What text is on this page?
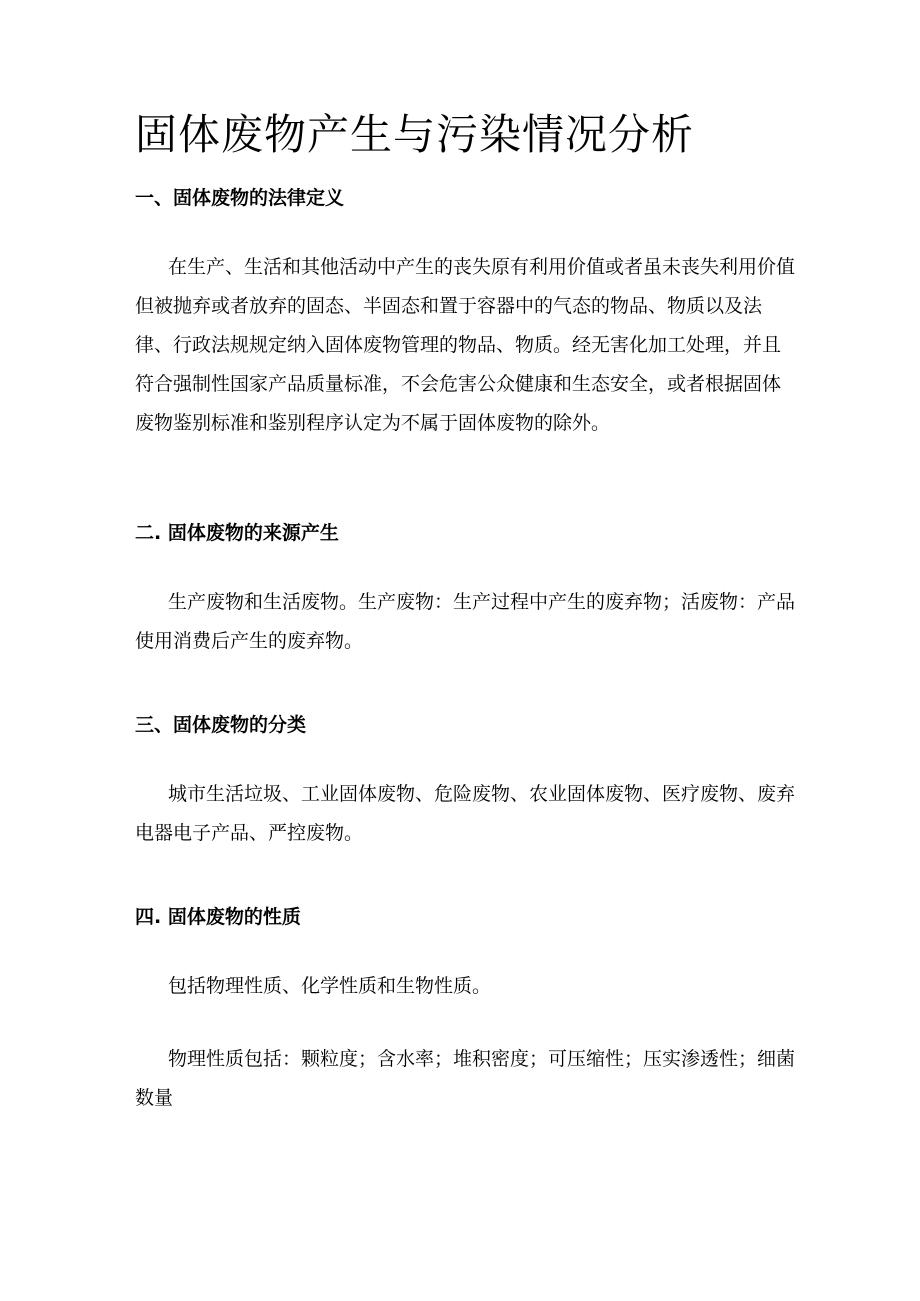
固体废物产生与污染情况分析
一、固体废物的法律定义

在生产、生活和其他活动中产生的丧失原有利用价值或者虽未丧失利用价值但被抛弃或者放弃的固态、半固态和置于容器中的气态的物品、物质以及法律、行政法规规定纳入固体废物管理的物品、物质。经无害化加工处理，并且符合强制性国家产品质量标准，不会危害公众健康和生态安全，或者根据固体废物鉴别标准和鉴别程序认定为不属于固体废物的除外。

二. 固体废物的来源产生

生产废物和生活废物。生产废物：生产过程中产生的废弃物；活废物：产品使用消费后产生的废弃物。

三、固体废物的分类

城市生活垃圾、工业固体废物、危险废物、农业固体废物、医疗废物、废弃电器电子产品、严控废物。

四. 固体废物的性质

包括物理性质、化学性质和生物性质。

物理性质包括：颗粒度；含水率；堆积密度；可压缩性；压实渗透性；细菌数量
